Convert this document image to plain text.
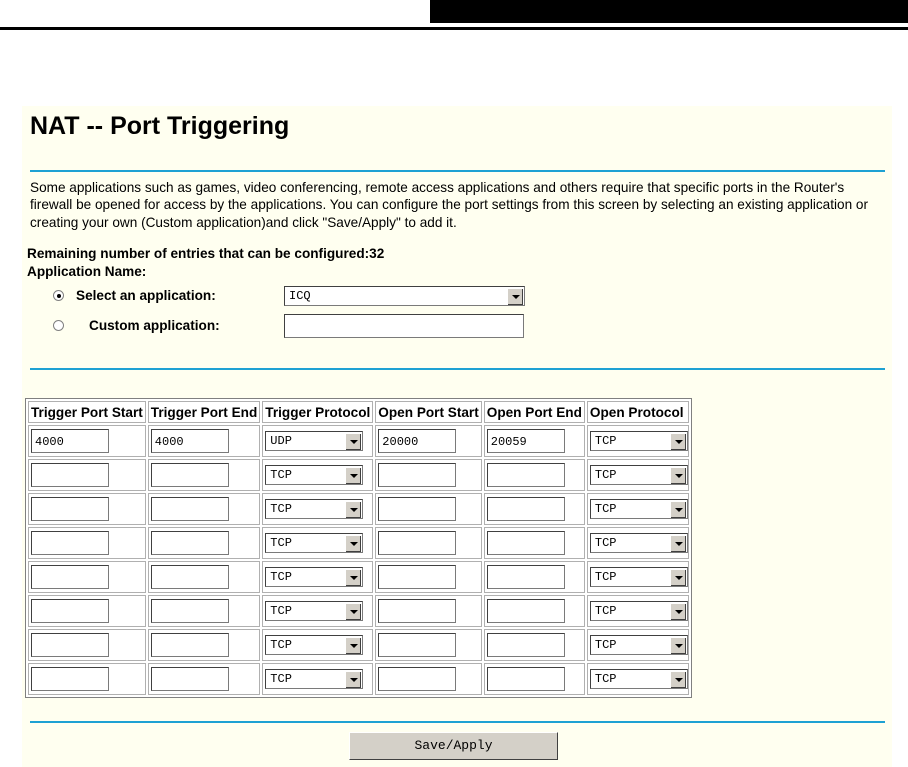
NAT -- Port Triggering
Some applications such as games, video conferencing, remote access applications and others require that specific ports in the Router's firewall be opened for access by the applications. You can configure the port settings from this screen by selecting an existing application or creating your own (Custom application)and click "Save/Apply" to add it.
Remaining number of entries that can be configured:32
Application Name:
Select an application:	ICQ
Custom application:
Trigger Port Start	Trigger Port End	Trigger Protocol	Open Port Start	Open Port End	Open Protocol

4000	4000	UDP	20000	20059	TCP

		TCP			TCP

		TCP			TCP

		TCP			TCP

		TCP			TCP

		TCP			TCP

		TCP			TCP

		TCP			TCP
Save/Apply
